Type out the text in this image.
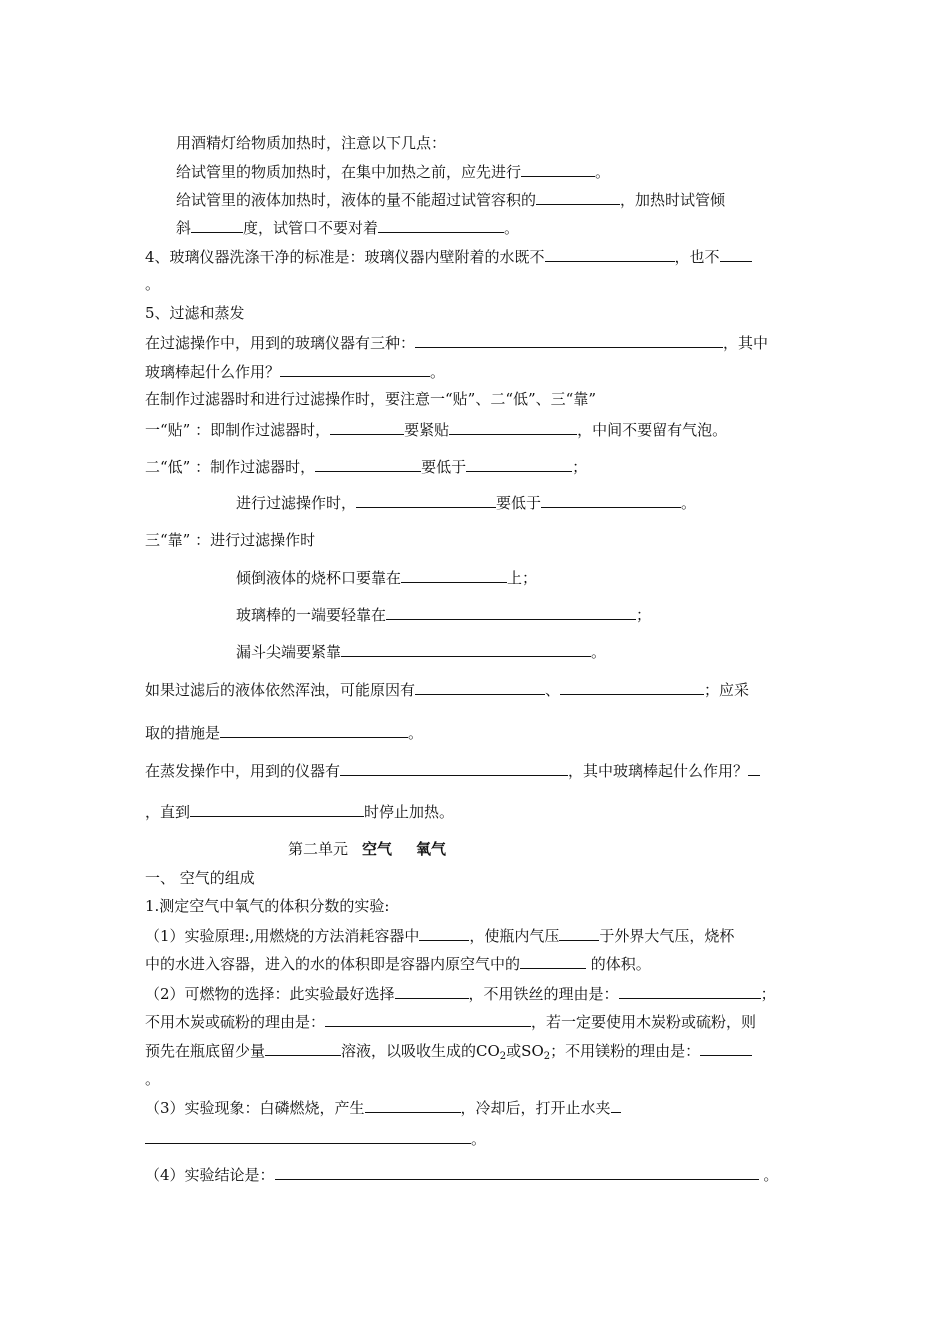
用酒精灯给物质加热时，注意以下几点：
给试管里的物质加热时，在集中加热之前，应先进行	。
给试管里的液体加热时，液体的量不能超过试管容积的	，加热时试管倾
斜	度，试管口不要对着	。
4、玻璃仪器洗涤干净的标准是：玻璃仪器内壁附着的水既不	，也不
。
5、过滤和蒸发
在过滤操作中，用到的玻璃仪器有三种：	，其中
玻璃棒起什么作用？	。
在制作过滤器时和进行过滤操作时，要注意一“贴”、二“低”、三“靠”
一“贴” ：即制作过滤器时，	要紧贴	，中间不要留有气泡。
二“低” ：制作过滤器时，	要低于	；
进行过滤操作时，	要低于	。
三“靠” ：进行过滤操作时
倾倒液体的烧杯口要靠在	上；
玻璃棒的一端要轻靠在	；
漏斗尖端要紧靠	。
如果过滤后的液体依然浑浊，可能原因有	、	；应采
取的措施是	。
在蒸发操作中，用到的仪器有	，其中玻璃棒起什么作用？
，直到	时停止加热。
第二单元 空气 氧气
一、 空气的组成
1.测定空气中氧气的体积分数的实验:
（1）实验原理:,用燃烧的方法消耗容器中	，使瓶内气压	于外界大气压，烧杯
中的水进入容器，进入的水的体积即是容器内原空气中的	的体积。
（2）可燃物的选择：此实验最好选择	，不用铁丝的理由是：	；
不用木炭或硫粉的理由是：	，若一定要使用木炭粉或硫粉，则
预先在瓶底留少量	溶液，以吸收生成的$CO_2$或$SO_2$；不用镁粉的理由是：
。
（3）实验现象：白磷燃烧，产生	，冷却后，打开止水夹
。
（4）实验结论是：	。
